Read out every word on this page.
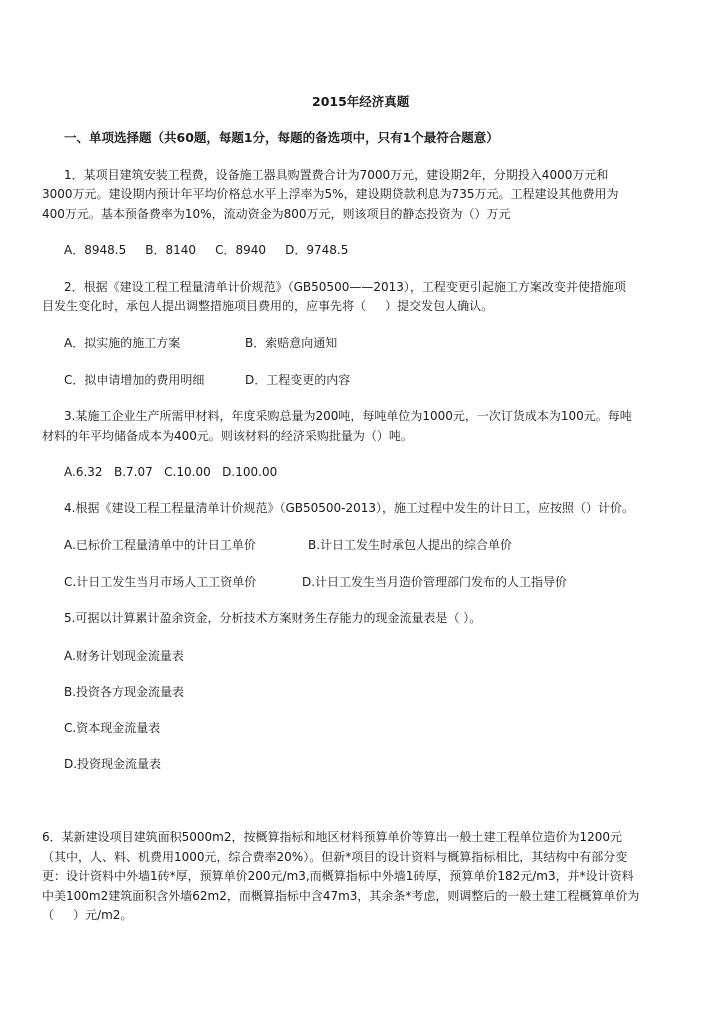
2015年经济真题
一、单项选择题（共60题，每题1分，每题的备选项中，只有1个最符合题意）
1．某项目建筑安装工程费，设备施工器具购置费合计为7000万元，建设期2年，分期投入4000万元和
3000万元。建设期内预计年平均价格总水平上浮率为5%，建设期贷款利息为735万元。工程建设其他费用为
400万元。基本预备费率为10%，流动资金为800万元，则该项目的静态投资为（）万元
A．8948.5     B．8140     C．8940     D．9748.5
2．根据《建设工程工程量清单计价规范》（GB50500——2013），工程变更引起施工方案改变并使措施项
目发生变化时，承包人提出调整措施项目费用的，应事先将（     ）提交发包人确认。
A．拟实施的施工方案	B．索赔意向通知
C．拟申请增加的费用明细	D．工程变更的内容
3.某施工企业生产所需甲材料，年度采购总量为200吨，每吨单位为1000元，一次订货成本为100元。每吨
材料的年平均储备成本为400元。则该材料的经济采购批量为（）吨。
A.6.32   B.7.07   C.10.00   D.100.00
4.根据《建设工程工程量清单计价规范》（GB50500-2013），施工过程中发生的计日工，应按照（）计价。
A.已标价工程量清单中的计日工单价	B.计日工发生时承包人提出的综合单价
C.计日工发生当月市场人工工资单价	D.计日工发生当月造价管理部门发布的人工指导价
5.可据以计算累计盈余资金，分析技术方案财务生存能力的现金流量表是（ ）。
A.财务计划现金流量表
B.投资各方现金流量表
C.资本现金流量表
D.投资现金流量表
6．某新建设项目建筑面积5000m2，按概算指标和地区材料预算单价等算出一般土建工程单位造价为1200元
（其中，人、料、机费用1000元，综合费率20%）。但新*项目的设计资料与概算指标相比，其结构中有部分变
更：设计资料中外墙1砖*厚，预算单价200元/m3,而概算指标中外墙1砖厚，预算单价182元/m3，并*设计资料
中美100m2建筑面积含外墙62m2，而概算指标中含47m3，其余条*考虑，则调整后的一般土建工程概算单价为
（     ）元/m2。
